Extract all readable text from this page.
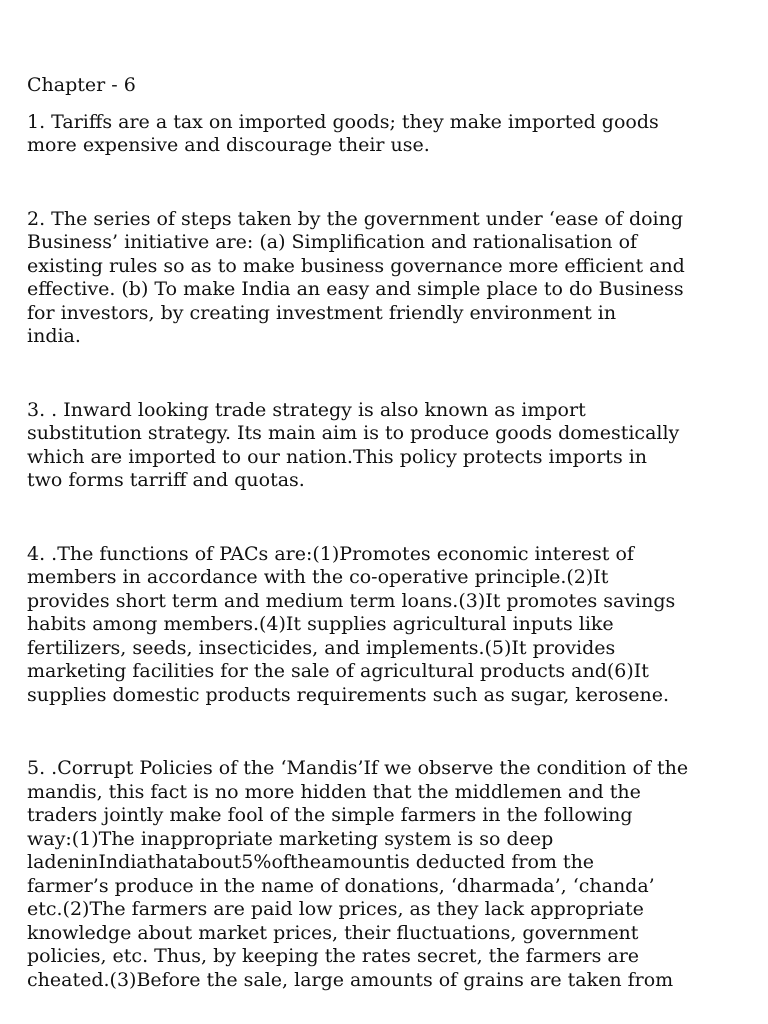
Chapter - 6
1. Tariffs are a tax on imported goods; they make imported goods
more expensive and discourage their use.
2. The series of steps taken by the government under ‘ease of doing
Business’ initiative are: (a) Simplification and rationalisation of
existing rules so as to make business governance more efficient and
effective. (b) To make India an easy and simple place to do Business
for investors, by creating investment friendly environment in
india.
3. . Inward looking trade strategy is also known as import
substitution strategy. Its main aim is to produce goods domestically
which are imported to our nation.This policy protects imports in
two forms tarriff and quotas.
4. .The functions of PACs are:(1)Promotes economic interest of
members in accordance with the co-operative principle.(2)It
provides short term and medium term loans.(3)It promotes savings
habits among members.(4)It supplies agricultural inputs like
fertilizers, seeds, insecticides, and implements.(5)It provides
marketing facilities for the sale of agricultural products and(6)It
supplies domestic products requirements such as sugar, kerosene.
5. .Corrupt Policies of the ‘Mandis’If we observe the condition of the
mandis, this fact is no more hidden that the middlemen and the
traders jointly make fool of the simple farmers in the following
way:(1)The inappropriate marketing system is so deep
ladeninIndiathatabout5%oftheamountis deducted from the
farmer’s produce in the name of donations, ‘dharmada’, ‘chanda’
etc.(2)The farmers are paid low prices, as they lack appropriate
knowledge about market prices, their fluctuations, government
policies, etc. Thus, by keeping the rates secret, the farmers are
cheated.(3)Before the sale, large amounts of grains are taken from
